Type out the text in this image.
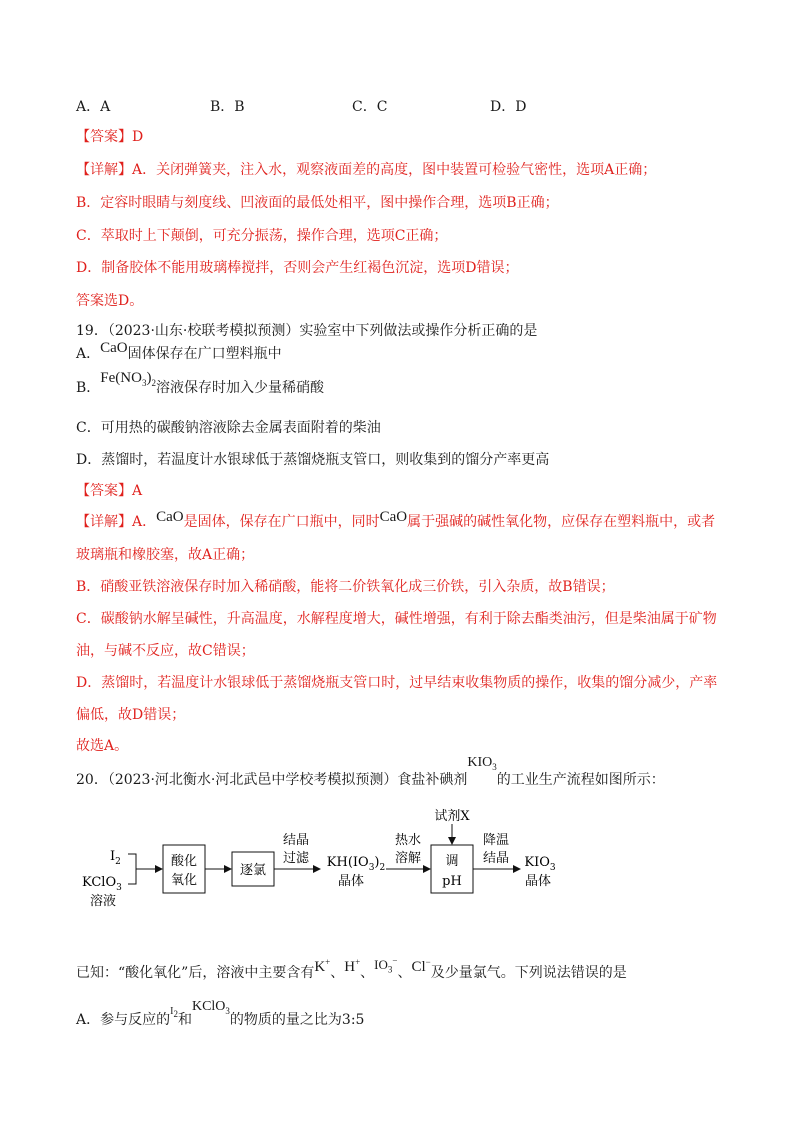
A．A	B．B	C．C	D．D
【答案】D
【详解】A．关闭弹簧夹，注入水，观察液面差的高度，图中装置可检验气密性，选项A正确；
B．定容时眼睛与刻度线、凹液面的最低处相平，图中操作合理，选项B正确；
C．萃取时上下颠倒，可充分振荡，操作合理，选项C正确；
D．制备胶体不能用玻璃棒搅拌，否则会产生红褐色沉淀，选项D错误；
答案选D。
19．（2023·山东·校联考模拟预测）实验室中下列做法或操作分析正确的是
A．CaO固体保存在广口塑料瓶中
B．$Fe(NO_3)_2$溶液保存时加入少量稀硝酸
C．可用热的碳酸钠溶液除去金属表面附着的柴油
D．蒸馏时，若温度计水银球低于蒸馏烧瓶支管口，则收集到的馏分产率更高
【答案】A
【详解】A．CaO是固体，保存在广口瓶中，同时CaO属于强碱的碱性氧化物，应保存在塑料瓶中，或者
玻璃瓶和橡胶塞，故A正确；
B．硝酸亚铁溶液保存时加入稀硝酸，能将二价铁氧化成三价铁，引入杂质，故B错误；
C．碳酸钠水解呈碱性，升高温度，水解程度增大，碱性增强，有利于除去酯类油污，但是柴油属于矿物
油，与碱不反应，故C错误；
D．蒸馏时，若温度计水银球低于蒸馏烧瓶支管口时，过早结束收集物质的操作，收集的馏分减少，产率
偏低，故D错误；
故选A。
20．（2023·河北衡水·河北武邑中学校考模拟预测）食盐补碘剂$KIO_3$的工业生产流程如图所示：
$I_2$
KClO$_3$
溶液
酸化
氧化
逐氯
结晶
过滤 $KH(IO_3)_2$
晶体
热水
溶解
试剂X
调
pH
降温
结晶 $KIO_3$
晶体
已知：“酸化氧化”后，溶液中主要含有K+、H+、$IO_3^-$、Cl−及少量氯气。下列说法错误的是
A．参与反应的$^{I_2}$和KClO$_3$的物质的量之比为3:5
